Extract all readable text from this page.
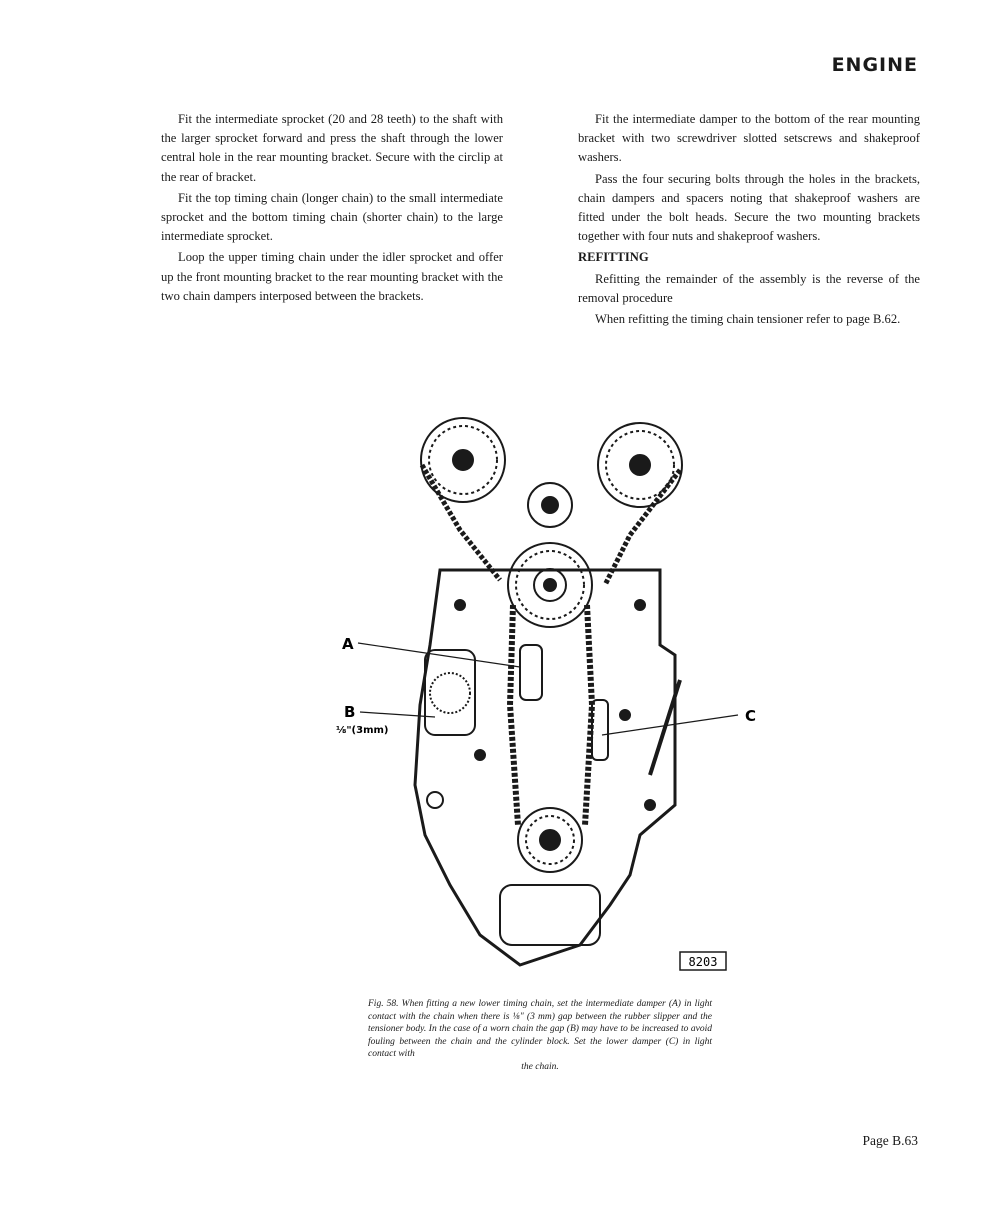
ENGINE

Fit the intermediate sprocket (20 and 28 teeth) to the shaft with the larger sprocket forward and press the shaft through the lower central hole in the rear mounting bracket. Secure with the circlip at the rear of bracket.

Fit the top timing chain (longer chain) to the small intermediate sprocket and the bottom timing chain (shorter chain) to the large intermediate sprocket.

Loop the upper timing chain under the idler sprocket and offer up the front mounting bracket to the rear mounting bracket with the two chain dampers interposed between the brackets.

Fit the intermediate damper to the bottom of the rear mounting bracket with two screwdriver slotted setscrews and shakeproof washers.

Pass the four securing bolts through the holes in the brackets, chain dampers and spacers noting that shakeproof washers are fitted under the bolt heads. Secure the two mounting brackets together with four nuts and shakeproof washers.

REFITTING

Refitting the remainder of the assembly is the reverse of the removal procedure

When refitting the timing chain tensioner refer to page B.62.

A
B
⅛"(3mm)
C
8203
Fig. 58. When fitting a new lower timing chain, set the intermediate damper (A) in light contact with the chain when there is ⅛" (3 mm) gap between the rubber slipper and the tensioner body. In the case of a worn chain the gap (B) may have to be increased to avoid fouling between the chain and the cylinder block. Set the lower damper (C) in light contact with
the chain.
Page B.63
